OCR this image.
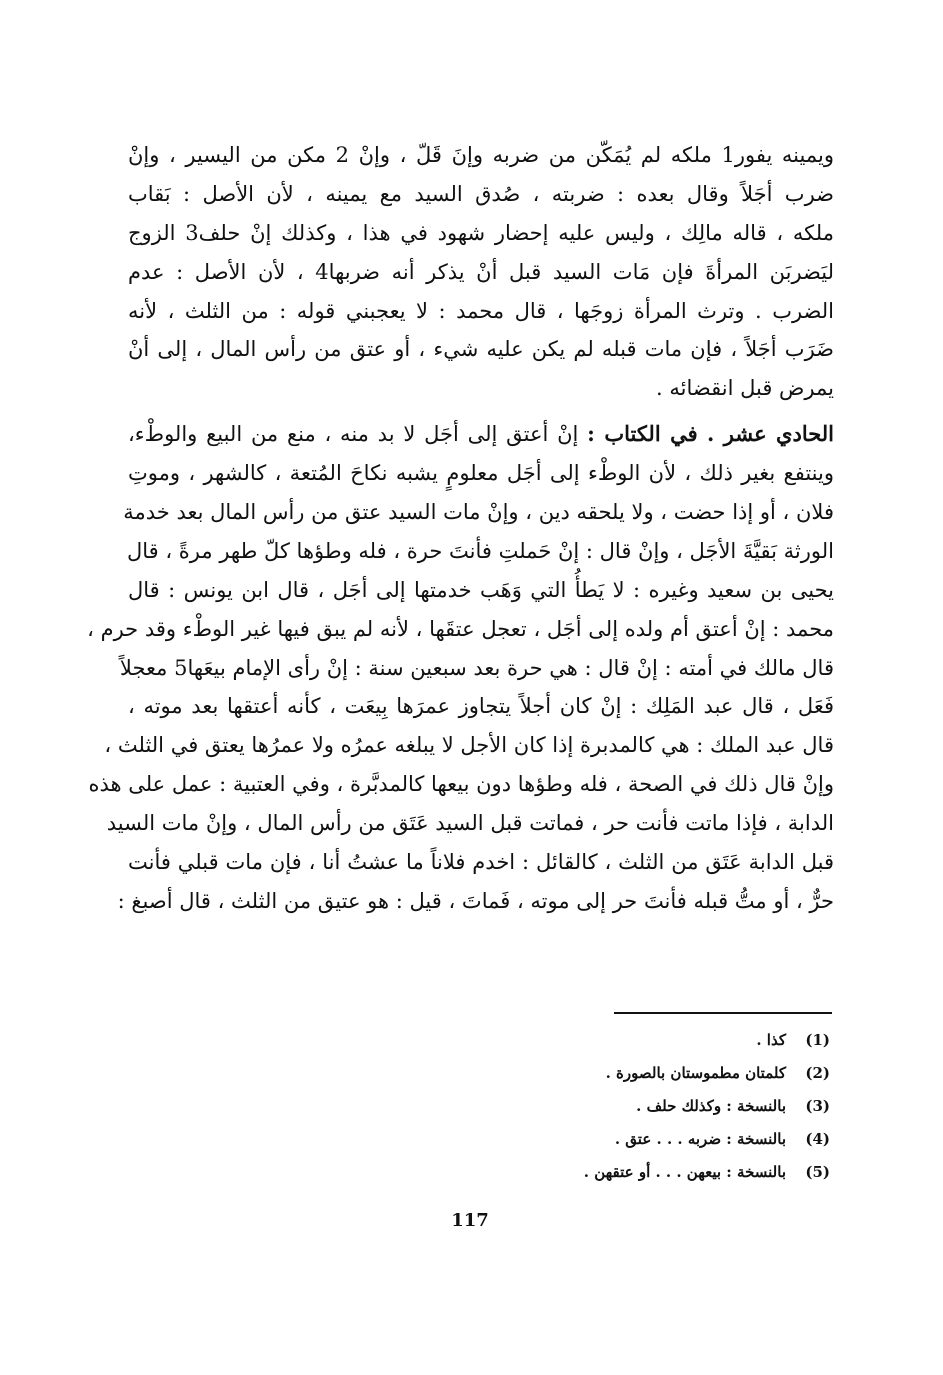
ويمينه يفور1 ملكه لم يُمَكّن من ضربه وإنَ قَلّ ، وإنْ 2 مكن من اليسير ، وإنْ
ضرب أجَلاً وقال بعده : ضربته ، صُدق السيد مع يمينه ، لأن الأصل : بَقاب
ملكه ، قاله مالِك ، وليس عليه إحضار شهود في هذا ، وكذلك إنْ حلف3 الزوج
ليَضربَن المرأةَ فإن مَات السيد قبل أنْ يذكر أنه ضربها4 ، لأن الأصل : عدم
الضرب . وترث المرأة زوجَها ، قال محمد : لا يعجبني قوله : من الثلث ، لأنه
ضَرَب أجَلاً ، فإن مات قبله لم يكن عليه شيء ، أو عتق من رأس المال ، إلى أنْ
يمرض قبل انقضائه .
الحادي عشر . في الكتاب : إنْ أعتق إلى أجَل لا بد منه ، منع من البيع والوطْء،
وينتفع بغير ذلك ، لأن الوطْء إلى أجَل معلومٍ يشبه نكاحَ المُتعة ، كالشهر ، وموتِ
فلان ، أو إذا حضت ، ولا يلحقه دين ، وإنْ مات السيد عتق من رأس المال بعد خدمة
الورثة بَقيَّةَ الأجَل ، وإنْ قال : إنْ حَملتِ فأنتَ حرة ، فله وطؤها كلّ طهر مرةً ، قال
يحيى بن سعيد وغيره : لا يَطأُ التي وَهَب خدمتها إلى أجَل ، قال ابن يونس : قال
محمد : إنْ أعتق أم ولده إلى أجَل ، تعجل عتقَها ، لأنه لم يبق فيها غير الوطْء وقد حرم ،
قال مالك في أمته : إنْ قال : هي حرة بعد سبعين سنة : إنْ رأى الإمام بيعَها5 معجلاً
فَعَل ، قال عبد المَلِك : إنْ كان أجلاً يتجاوز عمرَها بِيعَت ، كأنه أعتقها بعد موته ،
قال عبد الملك : هي كالمدبرة إذا كان الأجل لا يبلغه عمرُه ولا عمرُها يعتق في الثلث ،
وإنْ قال ذلك في الصحة ، فله وطؤها دون بيعها كالمدبَّرة ، وفي العتبية : عمل على هذه
الدابة ، فإذا ماتت فأنت حر ، فماتت قبل السيد عَتَق من رأس المال ، وإنْ مات السيد
قبل الدابة عَتَق من الثلث ، كالقائل : اخدم فلاناً ما عشتُ أنا ، فإن مات قبلي فأنت
حرٌّ ، أو متُّ قبله فأنتَ حر إلى موته ، فَماتَ ، قيل : هو عتيق من الثلث ، قال أصبغ :
(1)كذا .
(2)كلمتان مطموستان بالصورة .
(3)بالنسخة : وكذلك حلف .
(4)بالنسخة : ضربه . . . عتق .
(5)بالنسخة : بيعهن . . . أو عتقهن .
117
